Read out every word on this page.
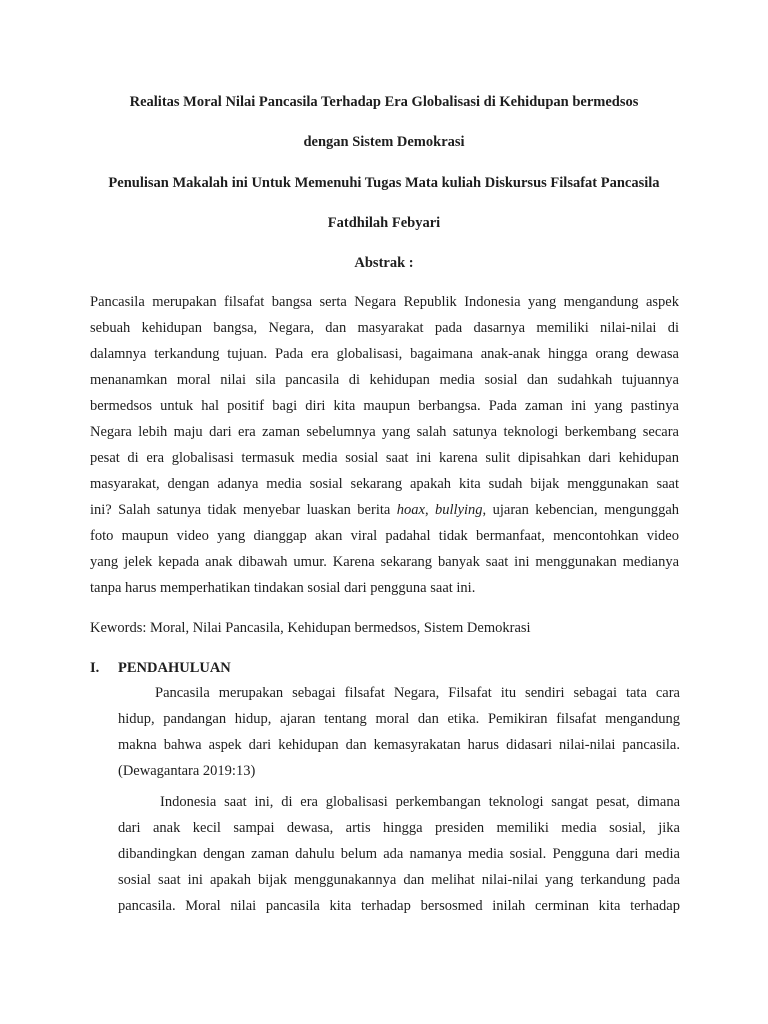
Realitas Moral Nilai Pancasila Terhadap Era Globalisasi di Kehidupan bermedsos
dengan Sistem Demokrasi
Penulisan Makalah ini Untuk Memenuhi Tugas Mata kuliah Diskursus Filsafat Pancasila
Fatdhilah Febyari
Abstrak :
Pancasila merupakan filsafat bangsa serta Negara Republik Indonesia yang mengandung aspek
sebuah kehidupan bangsa, Negara, dan masyarakat pada dasarnya memiliki nilai-nilai di
dalamnya terkandung tujuan. Pada era globalisasi, bagaimana anak-anak hingga orang dewasa
menanamkan moral nilai sila pancasila di kehidupan media sosial dan sudahkah tujuannya
bermedsos untuk hal positif bagi diri kita maupun berbangsa. Pada zaman ini yang pastinya
Negara lebih maju dari era zaman sebelumnya yang salah satunya teknologi berkembang secara
pesat di era globalisasi termasuk media sosial saat ini karena sulit dipisahkan dari kehidupan
masyarakat, dengan adanya media sosial sekarang apakah kita sudah bijak menggunakan saat
ini? Salah satunya tidak menyebar luaskan berita hoax, bullying, ujaran kebencian, mengunggah
foto maupun video yang dianggap akan viral padahal tidak bermanfaat, mencontohkan video
yang jelek kepada anak dibawah umur. Karena sekarang banyak saat ini menggunakan medianya
tanpa harus memperhatikan tindakan sosial dari pengguna saat ini.
Kewords: Moral, Nilai Pancasila, Kehidupan bermedsos, Sistem Demokrasi
I. PENDAHULUAN
Pancasila merupakan sebagai filsafat Negara, Filsafat itu sendiri sebagai tata cara
hidup, pandangan hidup, ajaran tentang moral dan etika. Pemikiran filsafat mengandung
makna bahwa aspek dari kehidupan dan kemasyrakatan harus didasari nilai-nilai pancasila.
(Dewagantara 2019:13)
Indonesia saat ini, di era globalisasi perkembangan teknologi sangat pesat, dimana
dari anak kecil sampai dewasa, artis hingga presiden memiliki media sosial, jika
dibandingkan dengan zaman dahulu belum ada namanya media sosial. Pengguna dari media
sosial saat ini apakah bijak menggunakannya dan melihat nilai-nilai yang terkandung pada
pancasila. Moral nilai pancasila kita terhadap bersosmed inilah cerminan kita terhadap
